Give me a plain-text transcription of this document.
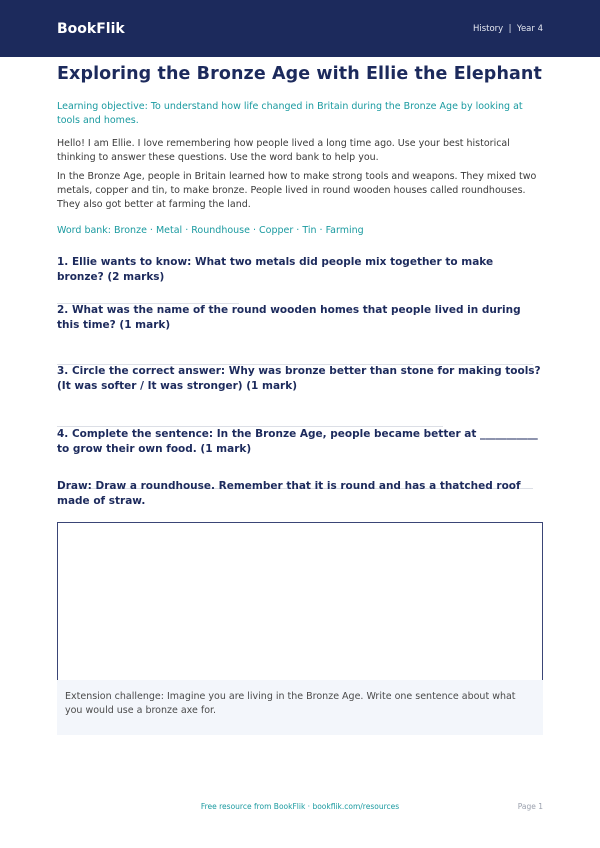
BookFlik	History  |  Year 4
Exploring the Bronze Age with Ellie the Elephant

Learning objective: To understand how life changed in Britain during the Bronze Age by looking at tools and homes.

Hello! I am Ellie. I love remembering how people lived a long time ago. Use your best historical thinking to answer these questions. Use the word bank to help you.

In the Bronze Age, people in Britain learned how to make strong tools and weapons. They mixed two metals, copper and tin, to make bronze. People lived in round wooden houses called roundhouses. They also got better at farming the land.

Word bank: Bronze · Metal · Roundhouse · Copper · Tin · Farming

1. Ellie wants to know: What two metals did people mix together to make bronze? (2 marks)

2. What was the name of the round wooden homes that people lived in during this time? (1 mark)

3. Circle the correct answer: Why was bronze better than stone for making tools? (It was softer / It was stronger) (1 mark)

4. Complete the sentence: In the Bronze Age, people became better at ___________ to grow their own food. (1 mark)

Draw: Draw a roundhouse. Remember that it is round and has a thatched roof made of straw.

Extension challenge: Imagine you are living in the Bronze Age. Write one sentence about what you would use a bronze axe for.
Free resource from BookFlik · bookflik.com/resources	Page 1
